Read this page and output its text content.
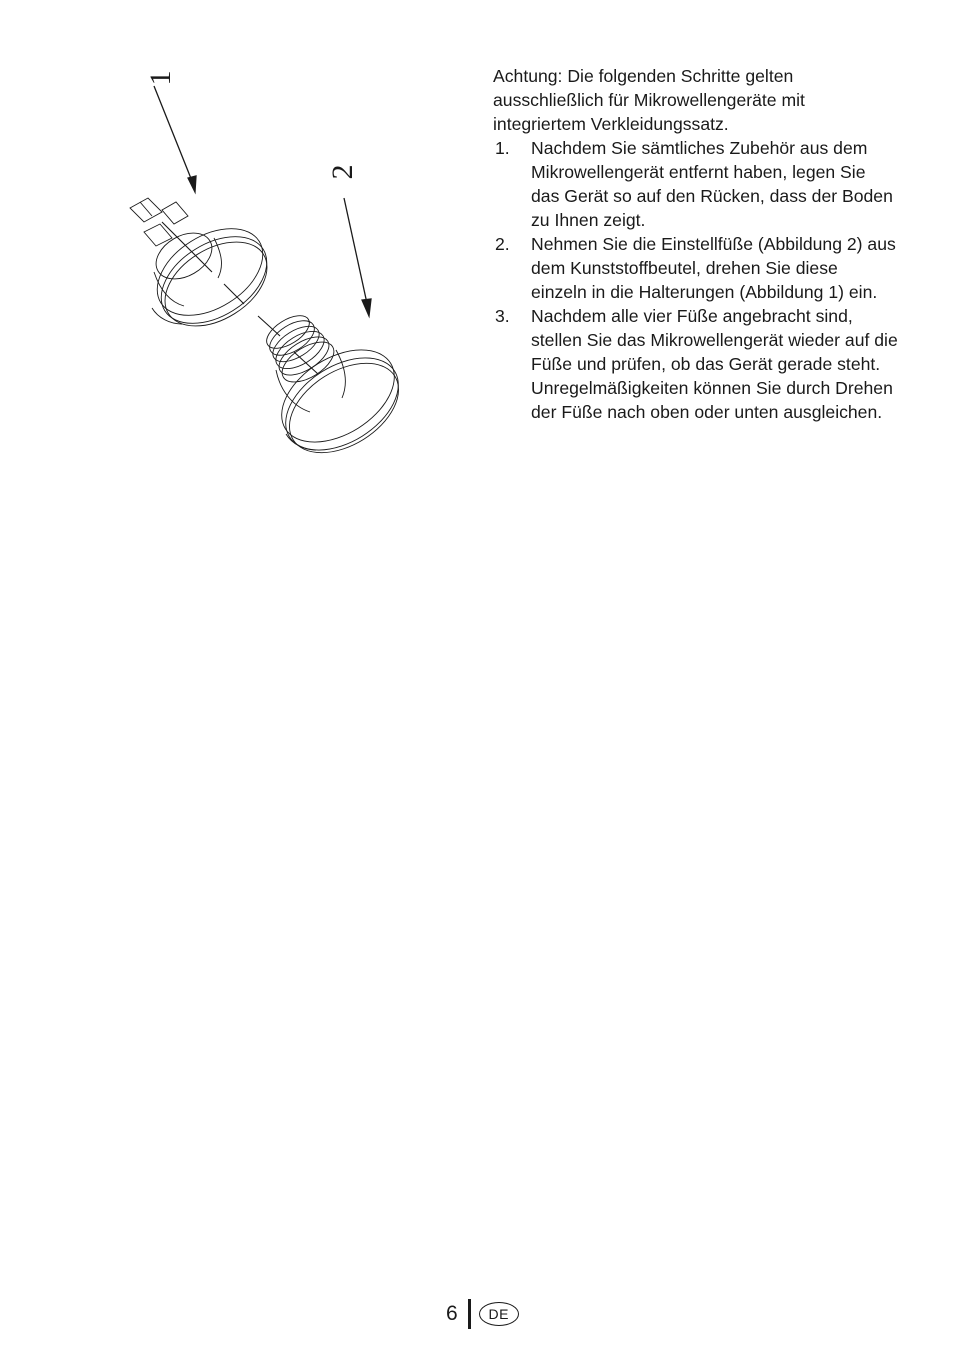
1
2

Achtung: Die folgenden Schritte gelten ausschließlich für Mikrowellengeräte mit integriertem Verkleidungssatz.

1.	Nachdem Sie sämtliches Zubehör aus dem Mikrowellengerät entfernt haben, legen Sie das Gerät so auf den Rücken, dass der Boden zu Ihnen zeigt.
2.	Nehmen Sie die Einstellfüße (Abbildung 2) aus dem Kunststoffbeutel, drehen Sie diese einzeln in die Halterungen (Abbildung 1) ein.
3.	Nachdem alle vier Füße angebracht sind, stellen Sie das Mikrowellengerät wieder auf die Füße und prüfen, ob das Gerät gerade steht. Unregelmäßigkeiten können Sie durch Drehen der Füße nach oben oder unten ausgleichen.
6	DE
